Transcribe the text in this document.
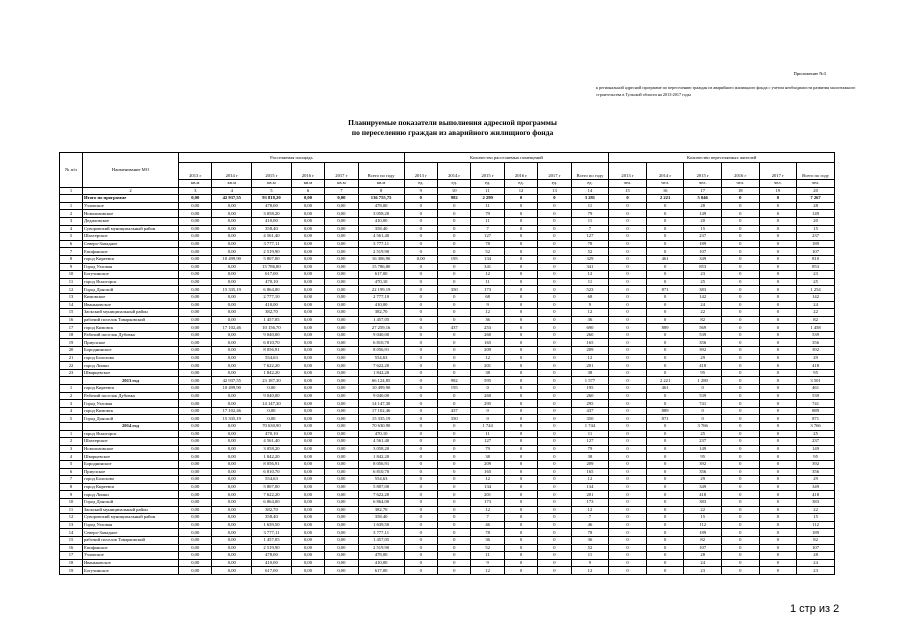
Приложение №3
к региональной адресной программе по переселению граждан из аварийного жилищного фонда с учетом необходимости развития малоэтажного строительства в Тульской области на 2013-2017 годы
Планируемые показатели выполнения адресной программы
по переселению граждан из аварийного жилищного фонда
№ п/п	Наименование МО	Расселяемая площадь						Количество расселяемых помещений						Количество переселяемых жителей					
		2013 г	2014 г	2015 г	2016 г	2017 г	Всего по году	2013 г	2014 г	2015 г	2016 г	2017 г	Всего по году	2013 г	2014 г	2015 г	2016 г	2017 г	Всего по году
		кв.м	кв.м	кв.м	кв.м	кв.м	кв.м	ед.	ед.	ед.	ед.	ед.	ед.	чел.	чел.	чел.	чел.	чел.	чел.
1	2	3	4	5	6	7	8	9	10	11	12	13	14	15	16	17	18	19	20
	Итого по программе	0,00	42 937,55	93 818,20	0,00	0,00	136 755,75	0	982	2 299	0	0	3 281	0	2 221	5 046	0	0	7 267
1	Узловское	0,00	0,00	478,00	0,00	0,00	478,00	0	0	11	0	0	11	0	0	28	0	0	28
2	Новольвовское	0,00	0,00	3 058,20	0,00	0,00	3 058,20	0	0	79	0	0	79	0	0	149	0	0	149
3	Дедиловское	0,00	0,00	410,00	0,00	0,00	410,00	0	0	11	0	0	11	0	0	20	0	0	20
4	Суворовский муниципальный район	0,00	0,00	358,40	0,00	0,00	358,40	0	0	7	0	0	7	0	0	15	0	0	15
5	Шахтерское	0,00	0,00	4 561,40	0,00	0,00	4 561,40	0	0	127	0	0	127	0	0	237	0	0	237
6	Северо-Западное	0,00	0,00	3 777,11	0,00	0,00	3 777,11	0	0	78	0	0	78	0	0	189	0	0	189
7	Епифанское	0,00	0,00	2 519,90	0,00	0,00	2 519,90	0	0	52	0	0	52	0	0	107	0	0	107
8	город Киреевск	0,00	10 499,90	5 807,00	0,00	0,00	16 306,90	0,00	195	134	0	0	329	0	461	349	0	0	810
9	Город Узловая	0,00	0,00	15 786,80	0,00	0,00	15 786,80	0	0	341	0	0	341	0	0	853	0	0	853
10	Богучинское	0,00	0,00	617,00	0,00	0,00	617,00	0	0	12	0	0	12	0	0	23	0	0	23
11	город Ясногорск	0,00	0,00	470,10	0,00	0,00	470,10	0	0	11	0	0	11	0	0	25	0	0	25
12	Город Донской	0,00	15 335,19	6 864,00	0,00	0,00	22 199,19	0	350	173	0	0	523	0	871	383	0	0	1 254
13	Кимовское	0,00	0,00	2 777,10	0,00	0,00	2 777,10	0	0	68	0	0	68	0	0	142	0	0	142
14	Иваньковское	0,00	0,00	410,00	0,00	0,00	410,00	0	0	9	0	0	9	0	0	24	0	0	24
15	Заокский муниципальный район	0,00	0,00	382,70	0,00	0,00	382,70	0	0	12	0	0	12	0	0	22	0	0	22
16	рабочий поселок Товарковский	0,00	0,00	1 457,05	0,00	0,00	1 457,05	0	0	36	0	0	36	0	0	82	0	0	82
17	город Кимовск	0,00	17 102,46	10 156,70	0,00	0,00	27 259,16	0	437	253	0	0	690	0	889	569	0	0	1 458
18	Рабочий поселок Дубовка	0,00	0,00	9 040,00	0,00	0,00	9 040,00	0	0	260	0	0	260	0	0	539	0	0	539
19	Приупское	0,00	0,00	6 810,70	0,00	0,00	6 810,70	0	0	165	0	0	165	0	0	356	0	0	356
20	Бороднинское	0,00	0,00	8 056,91	0,00	0,00	8 056,91	0	0	209	0	0	209	0	0	392	0	0	392
21	город Болохово	0,00	0,00	554,63	0,00	0,00	554,63	0	0	12	0	0	12	0	0	29	0	0	29
22	город Липки	0,00	0,00	7 622,20	0,00	0,00	7 622,20	0	0	201	0	0	201	0	0	418	0	0	418
23	Шварцевское	0,00	0,00	1 842,20	0,00	0,00	1 842,20	0	0	38	0	0	38	0	0	95	0	0	95
	2013 год	0,00	42 937,55	23 187,30	0,00	0,00	66 124,85	0	982	595	0	0	1 577	0	2 221	1 280	0	0	3 501
1	город Киреевск	0,00	10 499,90	0,00	0,00	0,00	10 499,90	0	195	0	0	0	195	0	461	0	0	0	461
2	Рабочий поселок Дубовка	0,00	0,00	9 040,00	0,00	0,00	9 040,00	0	0	260	0	0	260	0	0	539	0	0	539
3	Город Узловая	0,00	0,00	14 147,30	0,00	0,00	14 147,30	0	0	295	0	0	295	0	0	741	0	0	741
4	город Кимовск	0,00	17 102,46	0,00	0,00	0,00	17 102,46	0	437	0	0	0	437	0	889	0	0	0	889
5	Город Донской	0,00	15 335,19	0,00	0,00	0,00	15 335,19	0	350	0	0	0	350	0	871	0	0	0	871
	2014 год	0,00	0,00	70 630,90	0,00	0,00	70 630,90	0	0	1 744	0	0	1 744	0	0	3 766	0	0	3 766
1	город Ясногорск	0,00	0,00	470,10	0,00	0,00	470,10	0	0	11	0	0	11	0	0	25	0	0	25
2	Шахтерское	0,00	0,00	4 561,40	0,00	0,00	4 561,40	0	0	127	0	0	127	0	0	237	0	0	237
3	Новольвовское	0,00	0,00	3 058,20	0,00	0,00	3 058,20	0	0	79	0	0	79	0	0	149	0	0	149
4	Шварцевское	0,00	0,00	1 842,20	0,00	0,00	1 842,20	0	0	38	0	0	38	0	0	95	0	0	95
5	Бороднинское	0,00	0,00	8 056,91	0,00	0,00	8 056,91	0	0	209	0	0	209	0	0	392	0	0	392
6	Приупское	0,00	0,00	6 810,70	0,00	0,00	6 810,70	0	0	165	0	0	165	0	0	356	0	0	356
7	город Болохово	0,00	0,00	554,63	0,00	0,00	554,63	0	0	12	0	0	12	0	0	29	0	0	29
8	город Киреевск	0,00	0,00	5 807,00	0,00	0,00	5 807,00	0	0	134	0	0	134	0	0	349	0	0	349
9	город Липки	0,00	0,00	7 622,20	0,00	0,00	7 622,20	0	0	201	0	0	201	0	0	418	0	0	418
10	Город Донской	0,00	0,00	6 864,00	0,00	0,00	6 864,00	0	0	173	0	0	173	0	0	383	0	0	383
11	Заокский муниципальный район	0,00	0,00	382,70	0,00	0,00	382,70	0	0	12	0	0	12	0	0	22	0	0	22
12	Суворовский муниципальный район	0,00	0,00	358,40	0,00	0,00	358,40	0	0	7	0	0	7	0	0	15	0	0	15
13	Город Узловая	0,00	0,00	1 639,50	0,00	0,00	1 639,50	0	0	46	0	0	46	0	0	112	0	0	112
14	Северо-Западное	0,00	0,00	3 777,11	0,00	0,00	3 777,11	0	0	78	0	0	78	0	0	189	0	0	189
15	рабочий поселок Товарковский	0,00	0,00	1 457,05	0,00	0,00	1 457,05	0	0	36	0	0	36	0	0	82	0	0	82
16	Епифанское	0,00	0,00	2 519,90	0,00	0,00	2 519,90	0	0	52	0	0	52	0	0	107	0	0	107
17	Узловское	0,00	0,00	478,00	0,00	0,00	478,00	0	0	11	0	0	11	0	0	28	0	0	28
18	Иваньковское	0,00	0,00	410,00	0,00	0,00	410,00	0	0	9	0	0	9	0	0	24	0	0	24
19	Богучинское	0,00	0,00	617,00	0,00	0,00	617,00	0	0	12	0	0	12	0	0	23	0	0	23
1 стр из 2
